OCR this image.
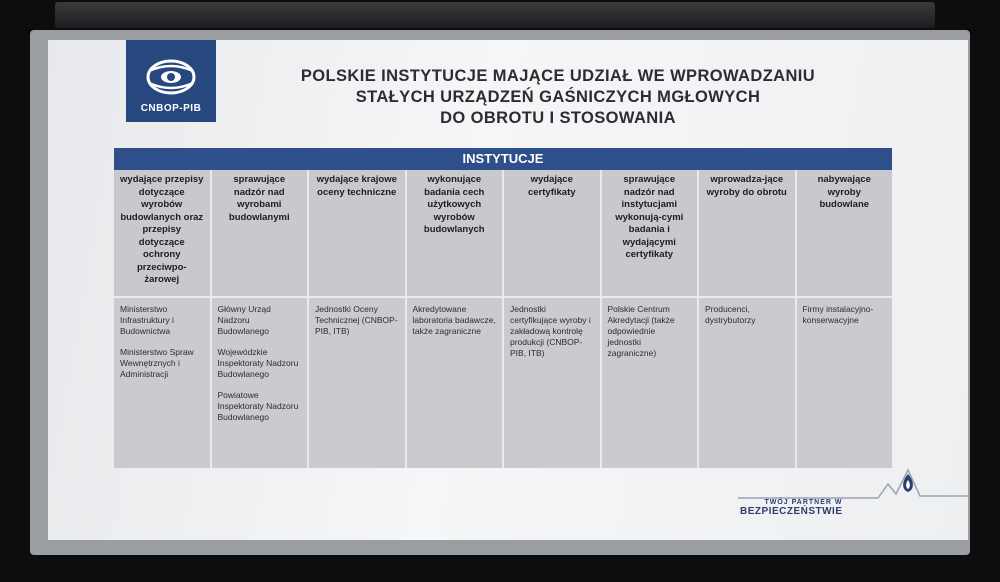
CNBOP-PIB
POLSKIE INSTYTUCJE MAJĄCE UDZIAŁ WE WPROWADZANIU
STAŁYCH URZĄDZEŃ GAŚNICZYCH MGŁOWYCH
DO OBROTU I STOSOWANIA
INSTYTUCJE
wydające przepisy dotyczące wyrobów budowlanych oraz przepisy dotyczące ochrony przeciwpo-żarowej
Ministerstwo Infrastruktury i Budownictwa
Ministerstwo Spraw Wewnętrznych i Administracji
sprawujące nadzór nad wyrobami budowlanymi
Główny Urząd Nadzoru Budowlanego
Wojewódzkie Inspektoraty Nadzoru Budowlanego
Powiatowe Inspektoraty Nadzoru Budowlanego
wydające krajowe oceny techniczne
Jednostki Oceny Technicznej (CNBOP-PIB, ITB)
wykonujące badania cech użytkowych wyrobów budowlanych
Akredytowane laboratoria badawcze, także zagraniczne
wydające certyfikaty
Jednostki certyfikujące wyroby i zakładową kontrolę produkcji (CNBOP-PIB, ITB)
sprawujące nadzór nad instytucjami wykonują-cymi badania i wydającymi certyfikaty
Polskie Centrum Akredytacji (także odpowiednie jednostki zagraniczne)
wprowadza-jące wyroby do obrotu
Producenci, dystrybutorzy
nabywające wyroby budowlane
Firmy instalacyjno-konserwacyjne
TWÓJ PARTNER W
BEZPIECZEŃSTWIE
